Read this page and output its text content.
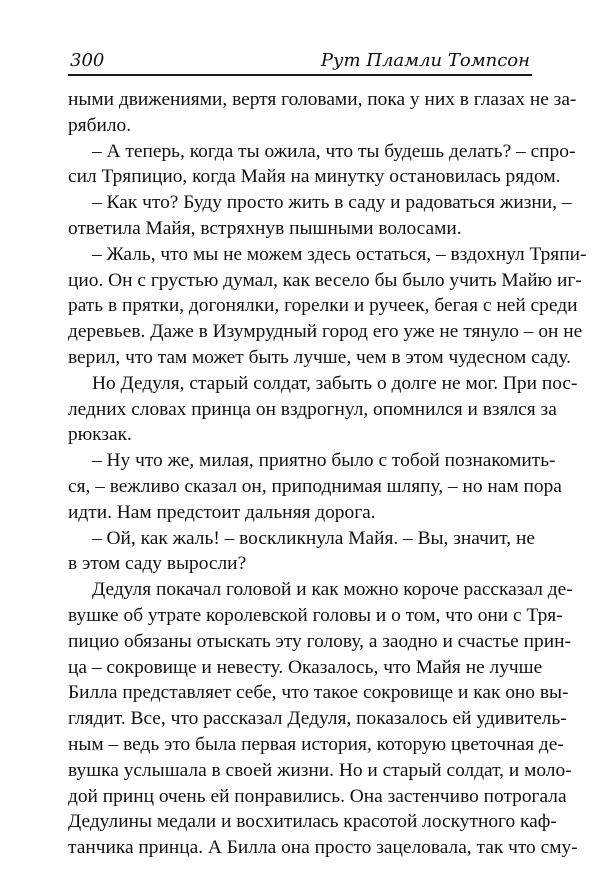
300	Рут Пламли Томпсон
ными движениями, вертя головами, пока у них в глазах не за-
рябило.
– А теперь, когда ты ожила, что ты будешь делать? – спро-
сил Тряпицио, когда Майя на минутку остановилась рядом.
– Как что? Буду просто жить в саду и радоваться жизни, –
ответила Майя, встряхнув пышными волосами.
– Жаль, что мы не можем здесь остаться, – вздохнул Тряпи-
цио. Он с грустью думал, как весело бы было учить Майю иг-
рать в прятки, догонялки, горелки и ручеек, бегая с ней среди
деревьев. Даже в Изумрудный город его уже не тянуло – он не
верил, что там может быть лучше, чем в этом чудесном саду.
Но Дедуля, старый солдат, забыть о долге не мог. При пос-
ледних словах принца он вздрогнул, опомнился и взялся за
рюкзак.
– Ну что же, милая, приятно было с тобой познакомить-
ся, – вежливо сказал он, приподнимая шляпу, – но нам пора
идти. Нам предстоит дальняя дорога.
– Ой, как жаль! – воскликнула Майя. – Вы, значит, не
в этом саду выросли?
Дедуля покачал головой и как можно короче рассказал де-
вушке об утрате королевской головы и о том, что они с Тря-
пицио обязаны отыскать эту голову, а заодно и счастье прин-
ца – сокровище и невесту. Оказалось, что Майя не лучше
Билла представляет себе, что такое сокровище и как оно вы-
глядит. Все, что рассказал Дедуля, показалось ей удивитель-
ным – ведь это была первая история, которую цветочная де-
вушка услышала в своей жизни. Но и старый солдат, и моло-
дой принц очень ей понравились. Она застенчиво потрогала
Дедулины медали и восхитилась красотой лоскутного каф-
танчика принца. А Билла она просто зацеловала, так что сму-
